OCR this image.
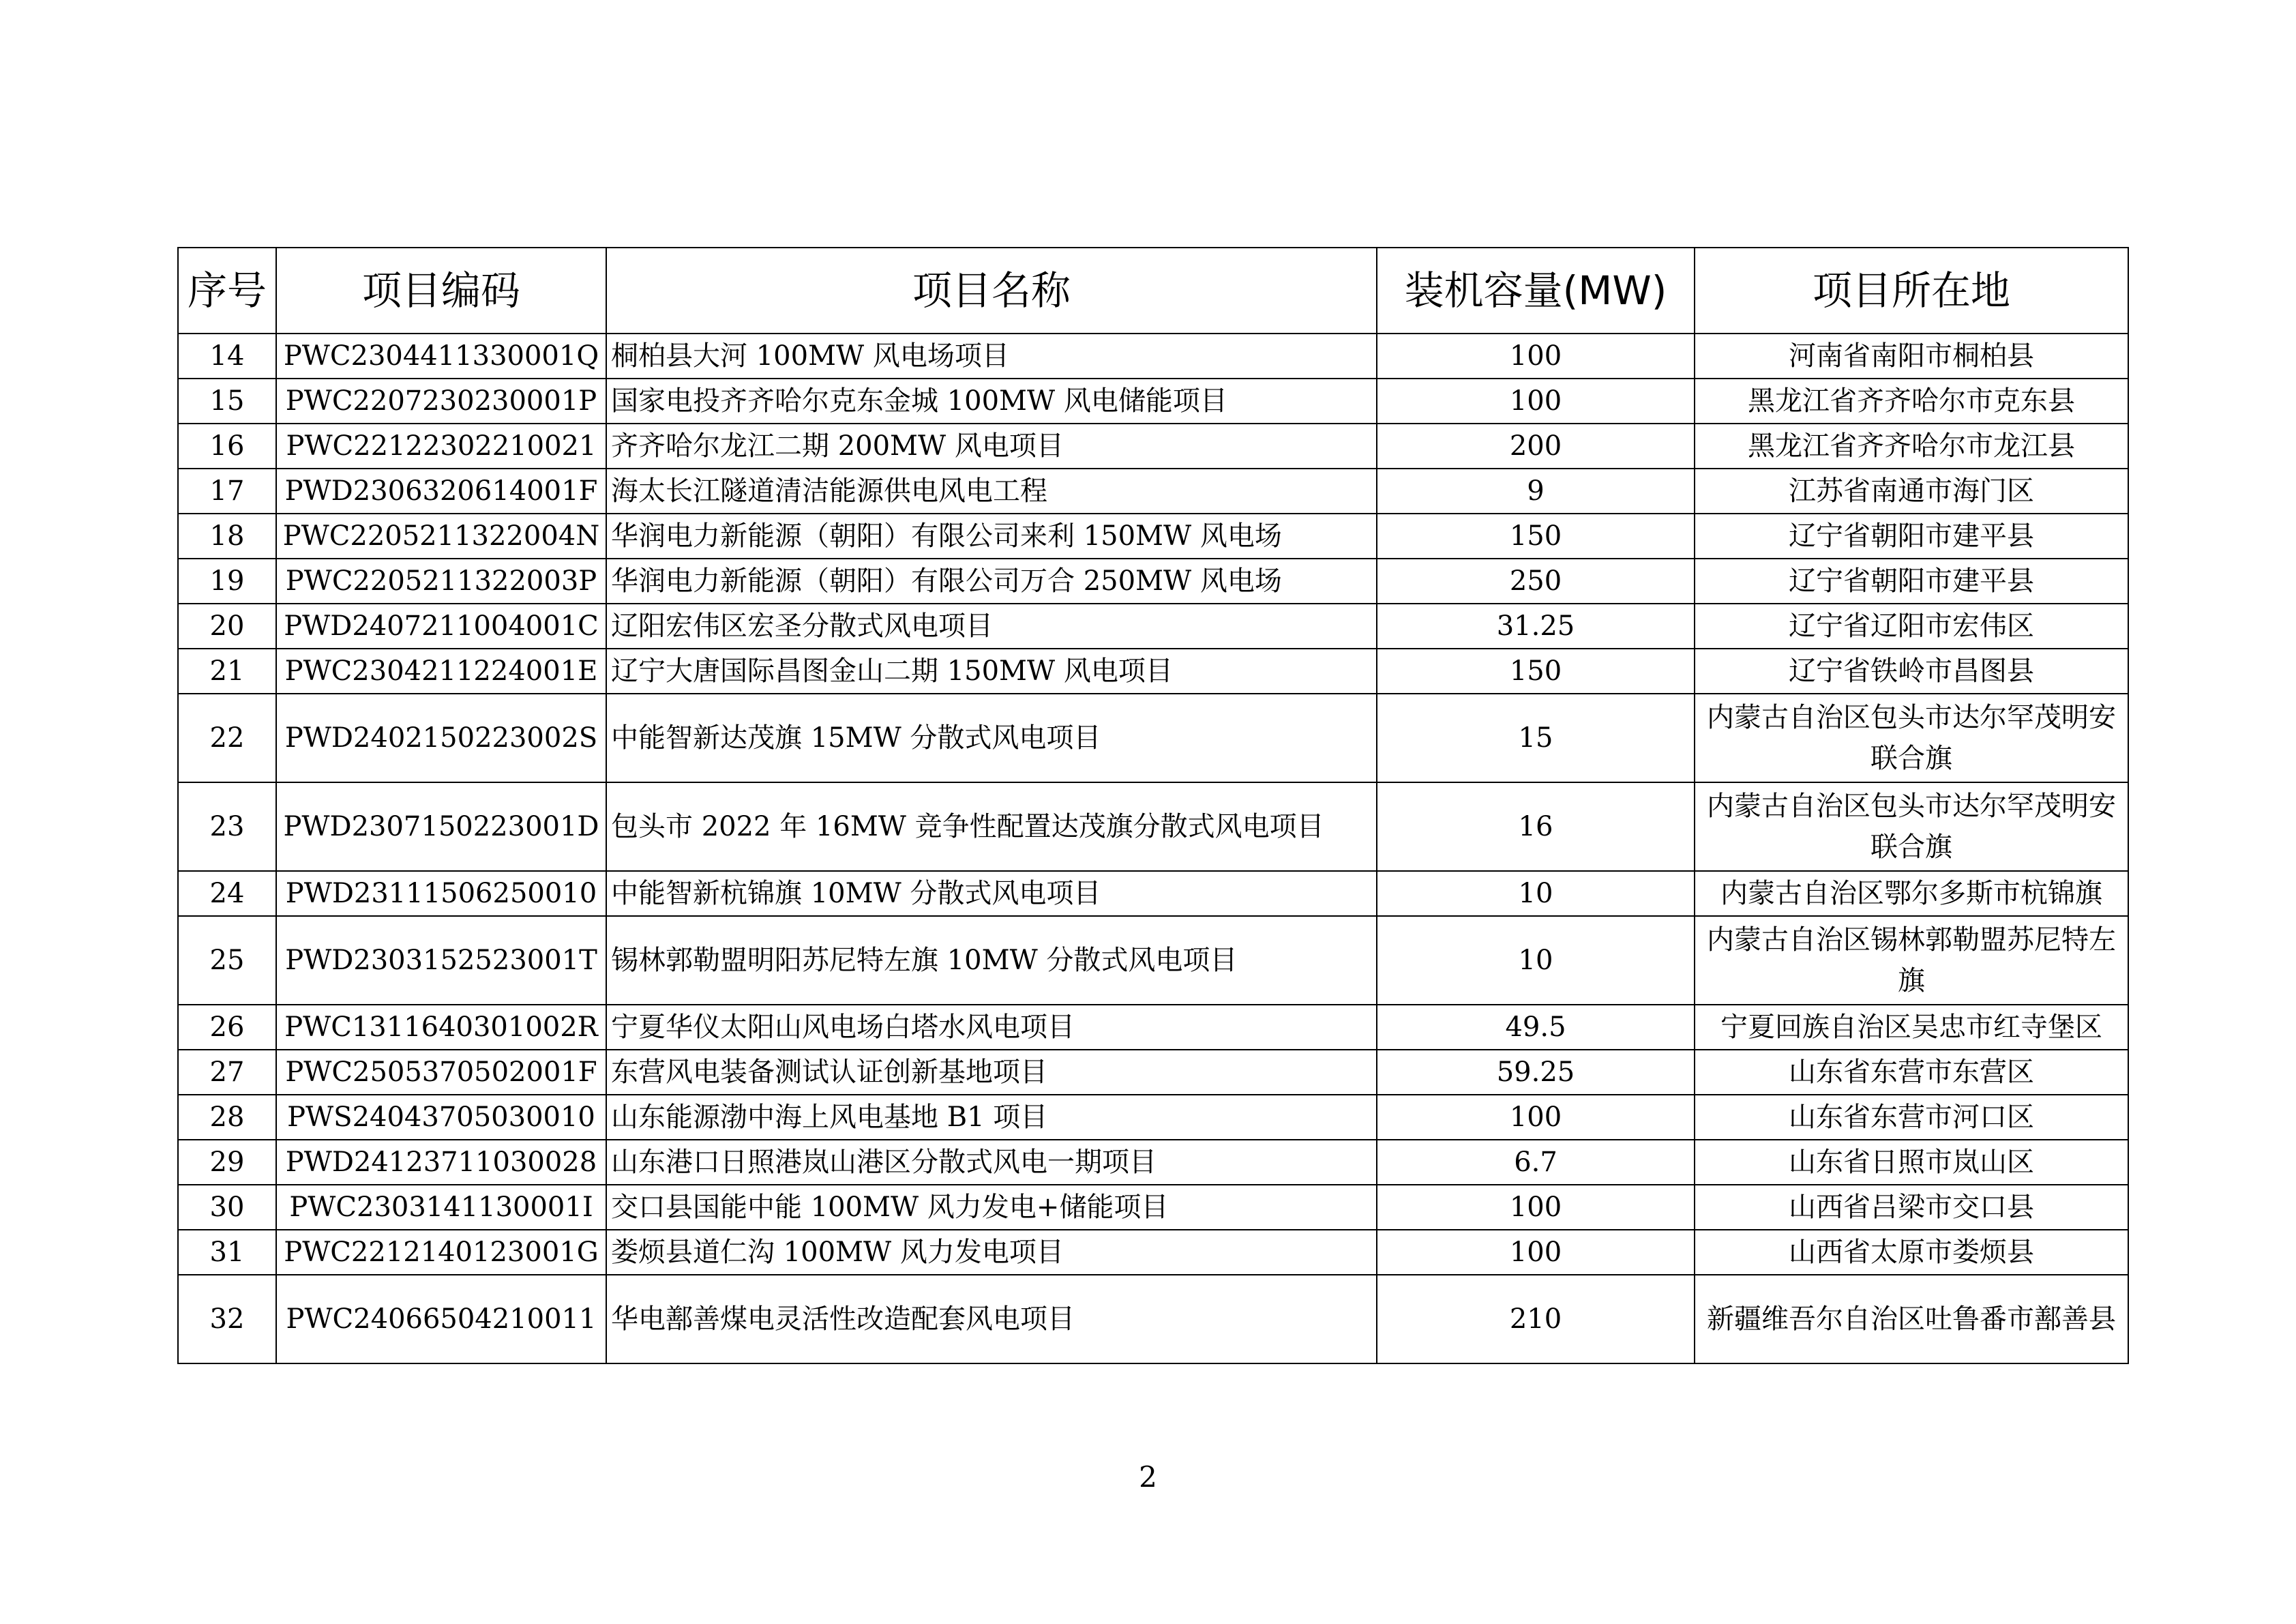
序号	项目编码	项目名称	装机容量(MW)	项目所在地
14	PWC2304411330001Q	桐柏县大河 100MW 风电场项目	100	河南省南阳市桐柏县
15	PWC2207230230001P	国家电投齐齐哈尔克东金城 100MW 风电储能项目	100	黑龙江省齐齐哈尔市克东县
16	PWC22122302210021	齐齐哈尔龙江二期 200MW 风电项目	200	黑龙江省齐齐哈尔市龙江县
17	PWD2306320614001F	海太长江隧道清洁能源供电风电工程	9	江苏省南通市海门区
18	PWC2205211322004N	华润电力新能源（朝阳）有限公司来利 150MW 风电场	150	辽宁省朝阳市建平县
19	PWC2205211322003P	华润电力新能源（朝阳）有限公司万合 250MW 风电场	250	辽宁省朝阳市建平县
20	PWD2407211004001C	辽阳宏伟区宏圣分散式风电项目	31.25	辽宁省辽阳市宏伟区
21	PWC2304211224001E	辽宁大唐国际昌图金山二期 150MW 风电项目	150	辽宁省铁岭市昌图县
22	PWD2402150223002S	中能智新达茂旗 15MW 分散式风电项目	15	内蒙古自治区包头市达尔罕茂明安联合旗
23	PWD2307150223001D	包头市 2022 年 16MW 竞争性配置达茂旗分散式风电项目	16	内蒙古自治区包头市达尔罕茂明安联合旗
24	PWD23111506250010	中能智新杭锦旗 10MW 分散式风电项目	10	内蒙古自治区鄂尔多斯市杭锦旗
25	PWD2303152523001T	锡林郭勒盟明阳苏尼特左旗 10MW 分散式风电项目	10	内蒙古自治区锡林郭勒盟苏尼特左旗
26	PWC1311640301002R	宁夏华仪太阳山风电场白塔水风电项目	49.5	宁夏回族自治区吴忠市红寺堡区
27	PWC2505370502001F	东营风电装备测试认证创新基地项目	59.25	山东省东营市东营区
28	PWS24043705030010	山东能源渤中海上风电基地 B1 项目	100	山东省东营市河口区
29	PWD24123711030028	山东港口日照港岚山港区分散式风电一期项目	6.7	山东省日照市岚山区
30	PWC2303141130001I	交口县国能中能 100MW 风力发电+储能项目	100	山西省吕梁市交口县
31	PWC2212140123001G	娄烦县道仁沟 100MW 风力发电项目	100	山西省太原市娄烦县
32	PWC24066504210011	华电鄯善煤电灵活性改造配套风电项目	210	新疆维吾尔自治区吐鲁番市鄯善县
2
